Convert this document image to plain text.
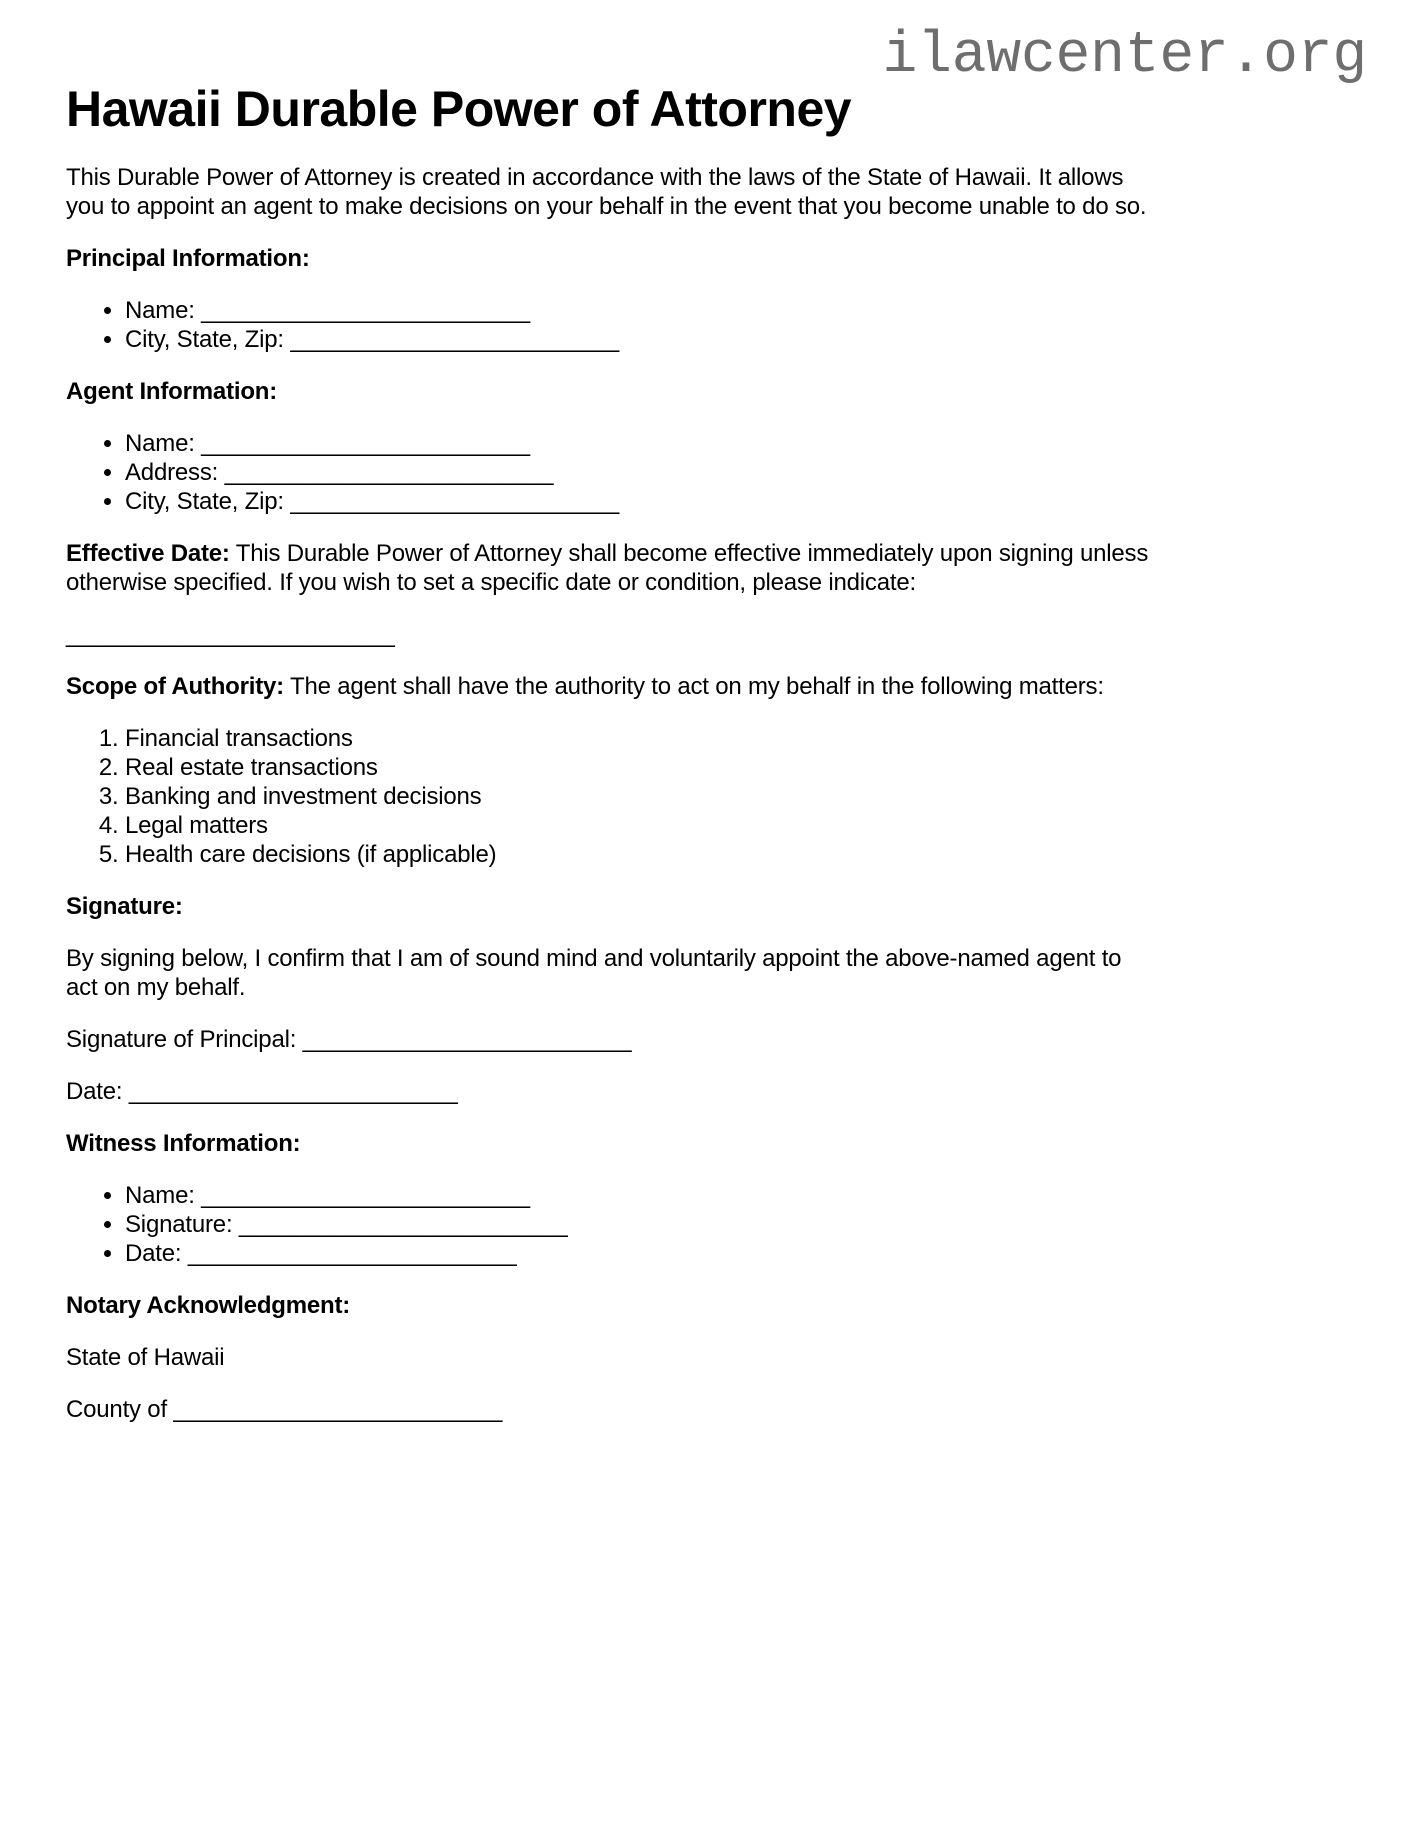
ilawcenter.org
Hawaii Durable Power of Attorney

This Durable Power of Attorney is created in accordance with the laws of the State of Hawaii. It allows you to appoint an agent to make decisions on your behalf in the event that you become unable to do so.

Principal Information:

• Name: _________________________
• City, State, Zip: _________________________

Agent Information:

• Name: _________________________
• Address: _________________________
• City, State, Zip: _________________________

Effective Date: This Durable Power of Attorney shall become effective immediately upon signing unless otherwise specified. If you wish to set a specific date or condition, please indicate:

_________________________

Scope of Authority: The agent shall have the authority to act on my behalf in the following matters:

1. Financial transactions
2. Real estate transactions
3. Banking and investment decisions
4. Legal matters
5. Health care decisions (if applicable)

Signature:

By signing below, I confirm that I am of sound mind and voluntarily appoint the above-named agent to act on my behalf.

Signature of Principal: _________________________

Date: _________________________

Witness Information:

• Name: _________________________
• Signature: _________________________
• Date: _________________________

Notary Acknowledgment:

State of Hawaii

County of _________________________
